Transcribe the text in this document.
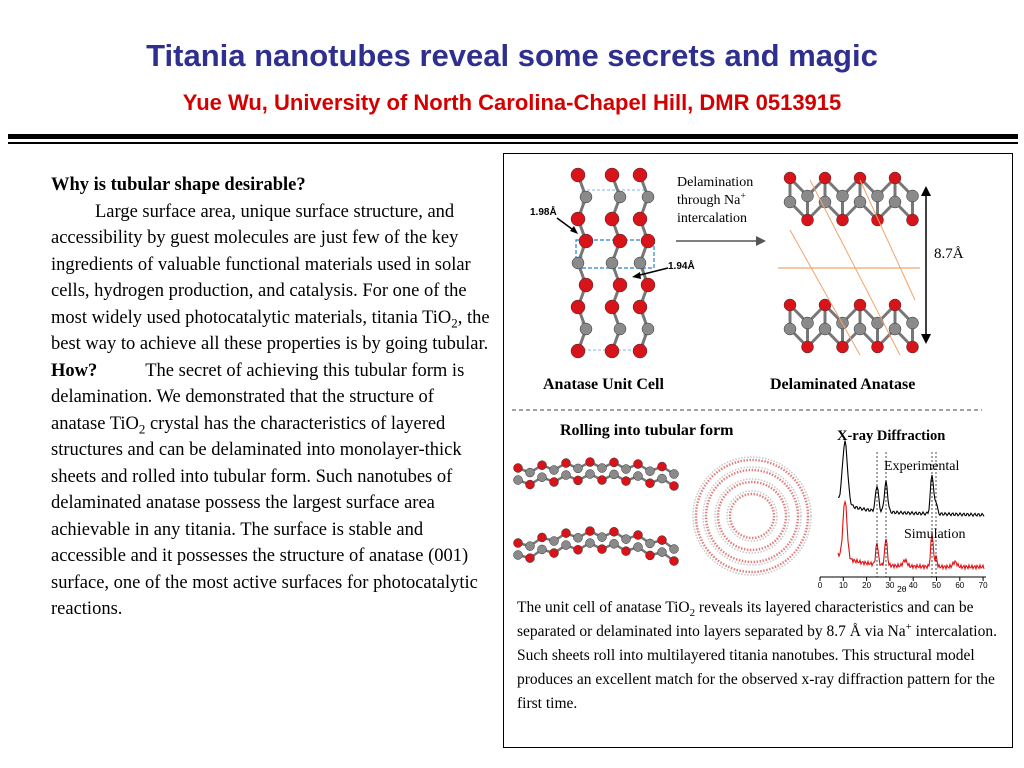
Titania nanotubes reveal some secrets and magic
Yue Wu, University of North Carolina-Chapel Hill, DMR 0513915

Why is tubular shape desirable?

Large surface area, unique surface structure, and accessibility by guest molecules are just few of the key ingredients of valuable functional materials used in solar cells, hydrogen production, and catalysis. For one of the most widely used photocatalytic materials, titania TiO$_2$, the best way to achieve all these properties is by going tubular.

How?	The secret of achieving this tubular form is delamination. We demonstrated that the structure of anatase TiO$_2$ crystal has the characteristics of layered structures and can be delaminated into monolayer-thick sheets and rolled into tubular form. Such nanotubes of delaminated anatase possess the largest surface area achievable in any titania. The surface is stable and accessible and it possesses the structure of anatase (001) surface, one of the most active surfaces for photocatalytic reactions.

0 10 20 30 40 50 60 70
1.98Å
1.94Å
Delamination
through Na+
intercalation
8.7Å
Anatase Unit Cell	Delaminated Anatase
Rolling into tubular form	X-ray Diffraction
Experimental
Simulation
2θ
The unit cell of anatase TiO$_2$ reveals its layered characteristics and can be separated or delaminated into layers separated by 8.7 Å via Na+ intercalation. Such sheets roll into multilayered titania nanotubes. This structural model produces an excellent match for the observed x-ray diffraction pattern for the first time.
